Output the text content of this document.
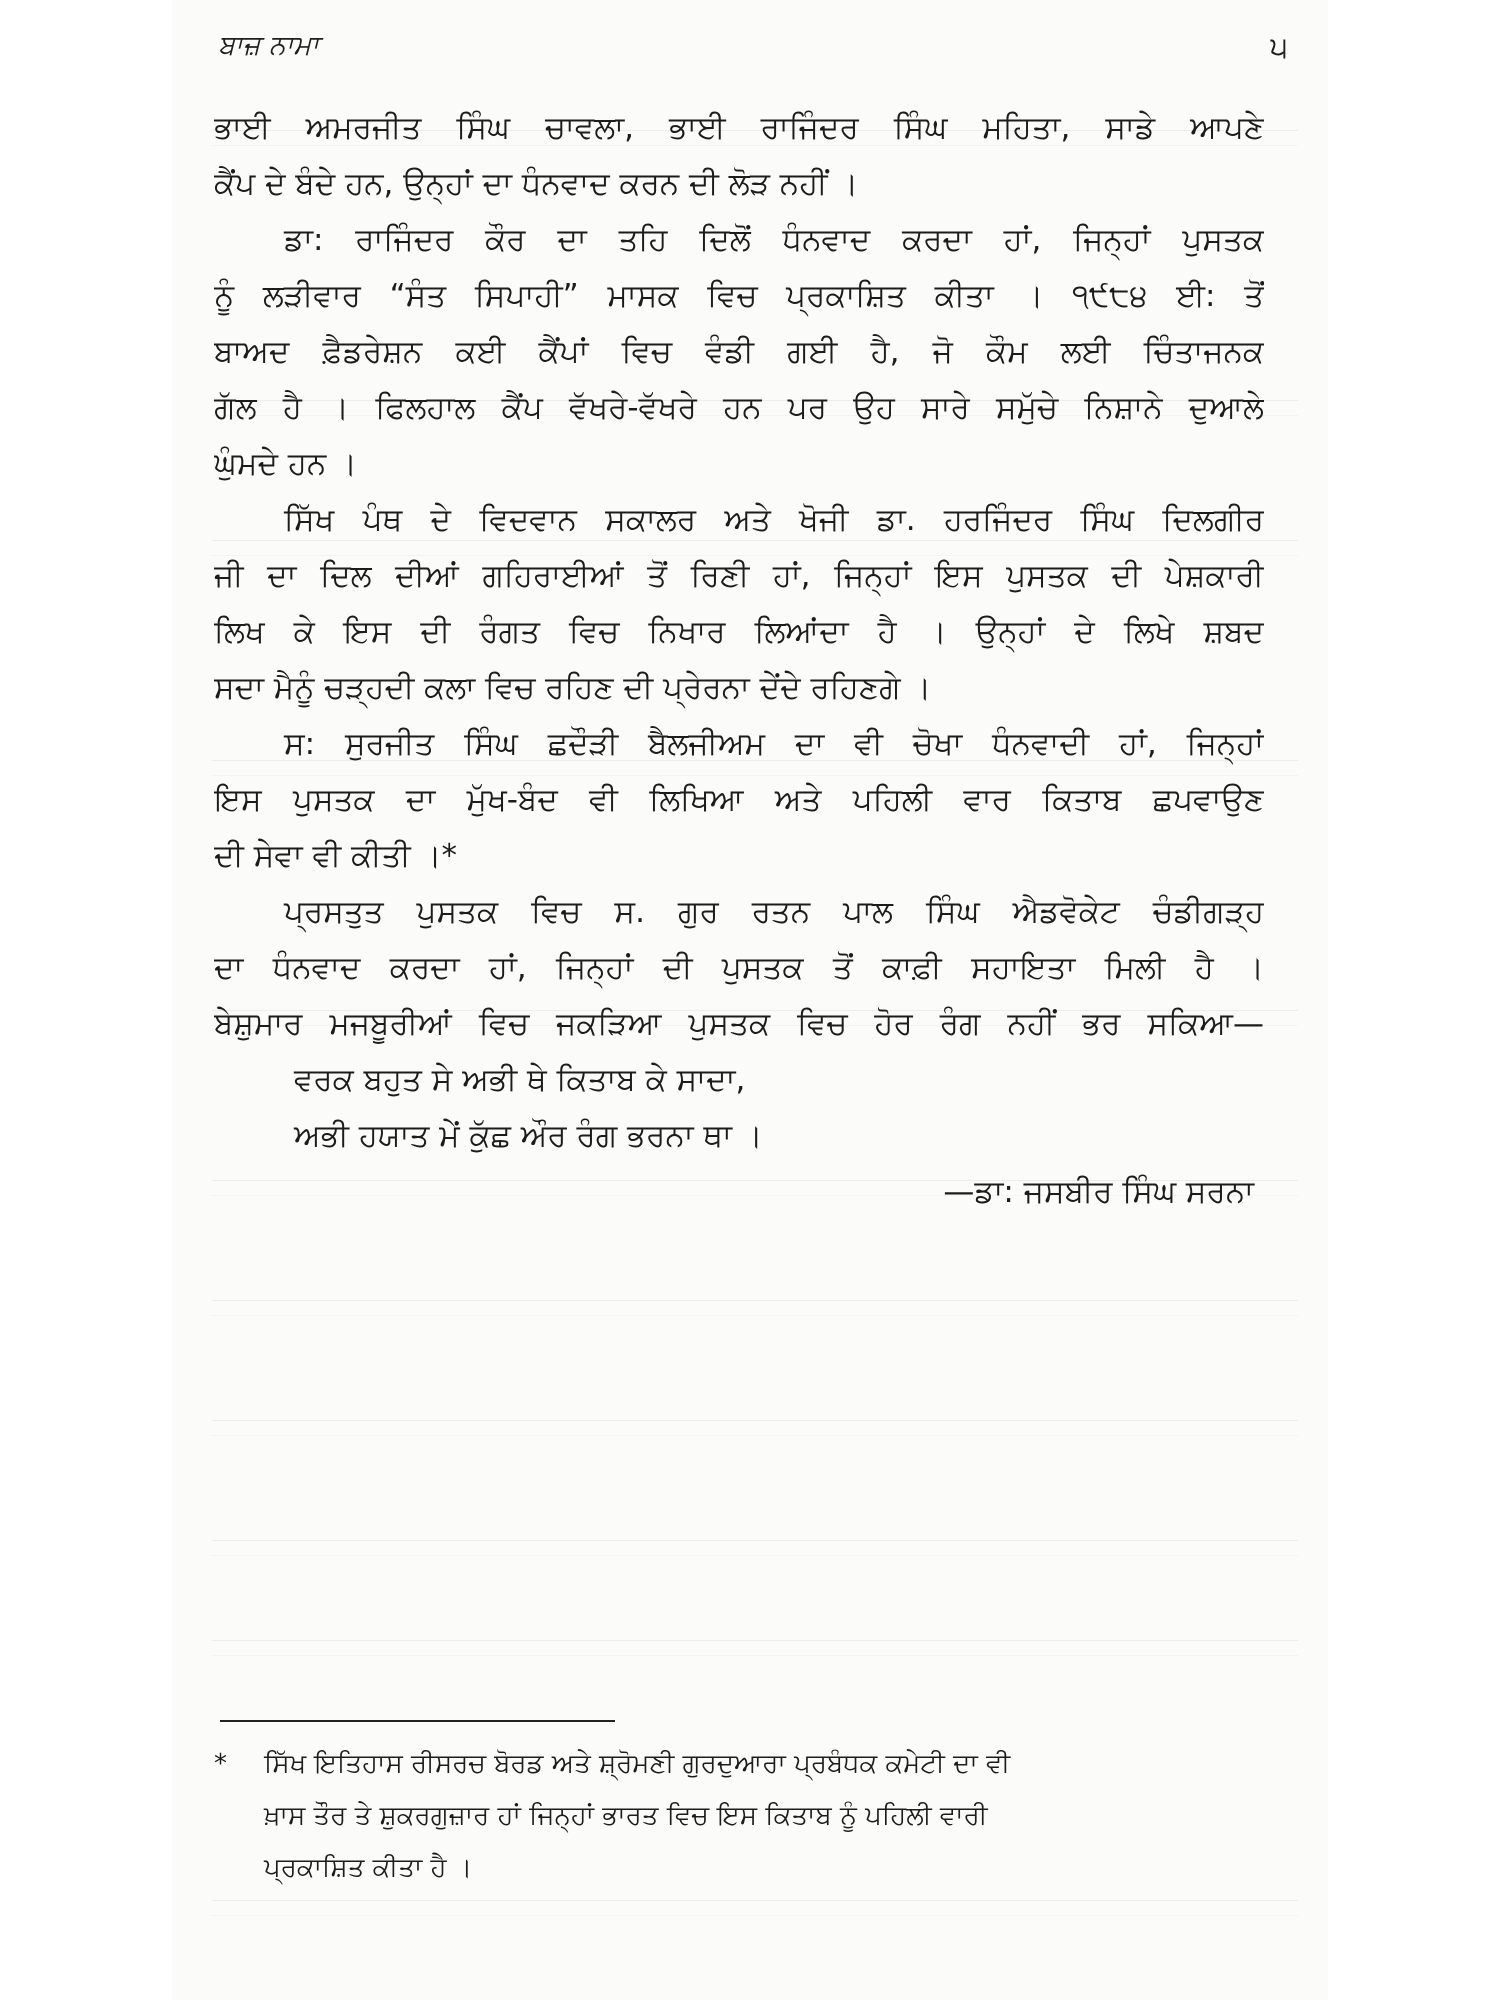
ਬਾਜ਼ ਨਾਮਾ	੫
ਭਾਈ ਅਮਰਜੀਤ ਸਿੰਘ ਚਾਵਲਾ, ਭਾਈ ਰਾਜਿੰਦਰ ਸਿੰਘ ਮਹਿਤਾ, ਸਾਡੇ ਆਪਣੇ
ਕੈਂਪ ਦੇ ਬੰਦੇ ਹਨ, ਉਨ੍ਹਾਂ ਦਾ ਧੰਨਵਾਦ ਕਰਨ ਦੀ ਲੋੜ ਨਹੀਂ ।
ਡਾ: ਰਾਜਿੰਦਰ ਕੌਰ ਦਾ ਤਹਿ ਦਿਲੋਂ ਧੰਨਵਾਦ ਕਰਦਾ ਹਾਂ, ਜਿਨ੍ਹਾਂ ਪੁਸਤਕ
ਨੂੰ ਲੜੀਵਾਰ “ਸੰਤ ਸਿਪਾਹੀ” ਮਾਸਕ ਵਿਚ ਪ੍ਰਕਾਸ਼ਿਤ ਕੀਤਾ । ੧੯੮੪ ਈ: ਤੋਂ
ਬਾਅਦ ਫ਼ੈਡਰੇਸ਼ਨ ਕਈ ਕੈਂਪਾਂ ਵਿਚ ਵੰਡੀ ਗਈ ਹੈ, ਜੋ ਕੌਮ ਲਈ ਚਿੰਤਾਜਨਕ
ਗੱਲ ਹੈ । ਫਿਲਹਾਲ ਕੈਂਪ ਵੱਖਰੇ-ਵੱਖਰੇ ਹਨ ਪਰ ਉਹ ਸਾਰੇ ਸਮੁੱਚੇ ਨਿਸ਼ਾਨੇ ਦੁਆਲੇ
ਘੁੰਮਦੇ ਹਨ ।
ਸਿੱਖ ਪੰਥ ਦੇ ਵਿਦਵਾਨ ਸਕਾਲਰ ਅਤੇ ਖੋਜੀ ਡਾ. ਹਰਜਿੰਦਰ ਸਿੰਘ ਦਿਲਗੀਰ
ਜੀ ਦਾ ਦਿਲ ਦੀਆਂ ਗਹਿਰਾਈਆਂ ਤੋਂ ਰਿਣੀ ਹਾਂ, ਜਿਨ੍ਹਾਂ ਇਸ ਪੁਸਤਕ ਦੀ ਪੇਸ਼ਕਾਰੀ
ਲਿਖ ਕੇ ਇਸ ਦੀ ਰੰਗਤ ਵਿਚ ਨਿਖਾਰ ਲਿਆਂਦਾ ਹੈ । ਉਨ੍ਹਾਂ ਦੇ ਲਿਖੇ ਸ਼ਬਦ
ਸਦਾ ਮੈਨੂੰ ਚੜ੍ਹਦੀ ਕਲਾ ਵਿਚ ਰਹਿਣ ਦੀ ਪ੍ਰੇਰਨਾ ਦੇਂਦੇ ਰਹਿਣਗੇ ।
ਸ: ਸੁਰਜੀਤ ਸਿੰਘ ਛਦੌੜੀ ਬੈਲਜੀਅਮ ਦਾ ਵੀ ਚੋਖਾ ਧੰਨਵਾਦੀ ਹਾਂ, ਜਿਨ੍ਹਾਂ
ਇਸ ਪੁਸਤਕ ਦਾ ਮੁੱਖ-ਬੰਦ ਵੀ ਲਿਖਿਆ ਅਤੇ ਪਹਿਲੀ ਵਾਰ ਕਿਤਾਬ ਛਪਵਾਉਣ
ਦੀ ਸੇਵਾ ਵੀ ਕੀਤੀ ।*
ਪ੍ਰਸਤੁਤ ਪੁਸਤਕ ਵਿਚ ਸ. ਗੁਰ ਰਤਨ ਪਾਲ ਸਿੰਘ ਐਡਵੋਕੇਟ ਚੰਡੀਗੜ੍ਹ
ਦਾ ਧੰਨਵਾਦ ਕਰਦਾ ਹਾਂ, ਜਿਨ੍ਹਾਂ ਦੀ ਪੁਸਤਕ ਤੋਂ ਕਾਫ਼ੀ ਸਹਾਇਤਾ ਮਿਲੀ ਹੈ ।
ਬੇਸ਼ੁਮਾਰ ਮਜਬੂਰੀਆਂ ਵਿਚ ਜਕੜਿਆ ਪੁਸਤਕ ਵਿਚ ਹੋਰ ਰੰਗ ਨਹੀਂ ਭਰ ਸਕਿਆ—
ਵਰਕ ਬਹੁਤ ਸੇ ਅਭੀ ਥੇ ਕਿਤਾਬ ਕੇ ਸਾਦਾ,
ਅਭੀ ਹਯਾਤ ਮੇਂ ਕੁੱਛ ਔਰ ਰੰਗ ਭਰਨਾ ਥਾ ।
—ਡਾ: ਜਸਬੀਰ ਸਿੰਘ ਸਰਨਾ
* ਸਿੱਖ ਇਤਿਹਾਸ ਰੀਸਰਚ ਬੋਰਡ ਅਤੇ ਸ਼੍ਰੋਮਣੀ ਗੁਰਦੁਆਰਾ ਪ੍ਰਬੰਧਕ ਕਮੇਟੀ ਦਾ ਵੀ
ਖ਼ਾਸ ਤੌਰ ਤੇ ਸ਼ੁਕਰਗੁਜ਼ਾਰ ਹਾਂ ਜਿਨ੍ਹਾਂ ਭਾਰਤ ਵਿਚ ਇਸ ਕਿਤਾਬ ਨੂੰ ਪਹਿਲੀ ਵਾਰੀ
ਪ੍ਰਕਾਸ਼ਿਤ ਕੀਤਾ ਹੈ ।
